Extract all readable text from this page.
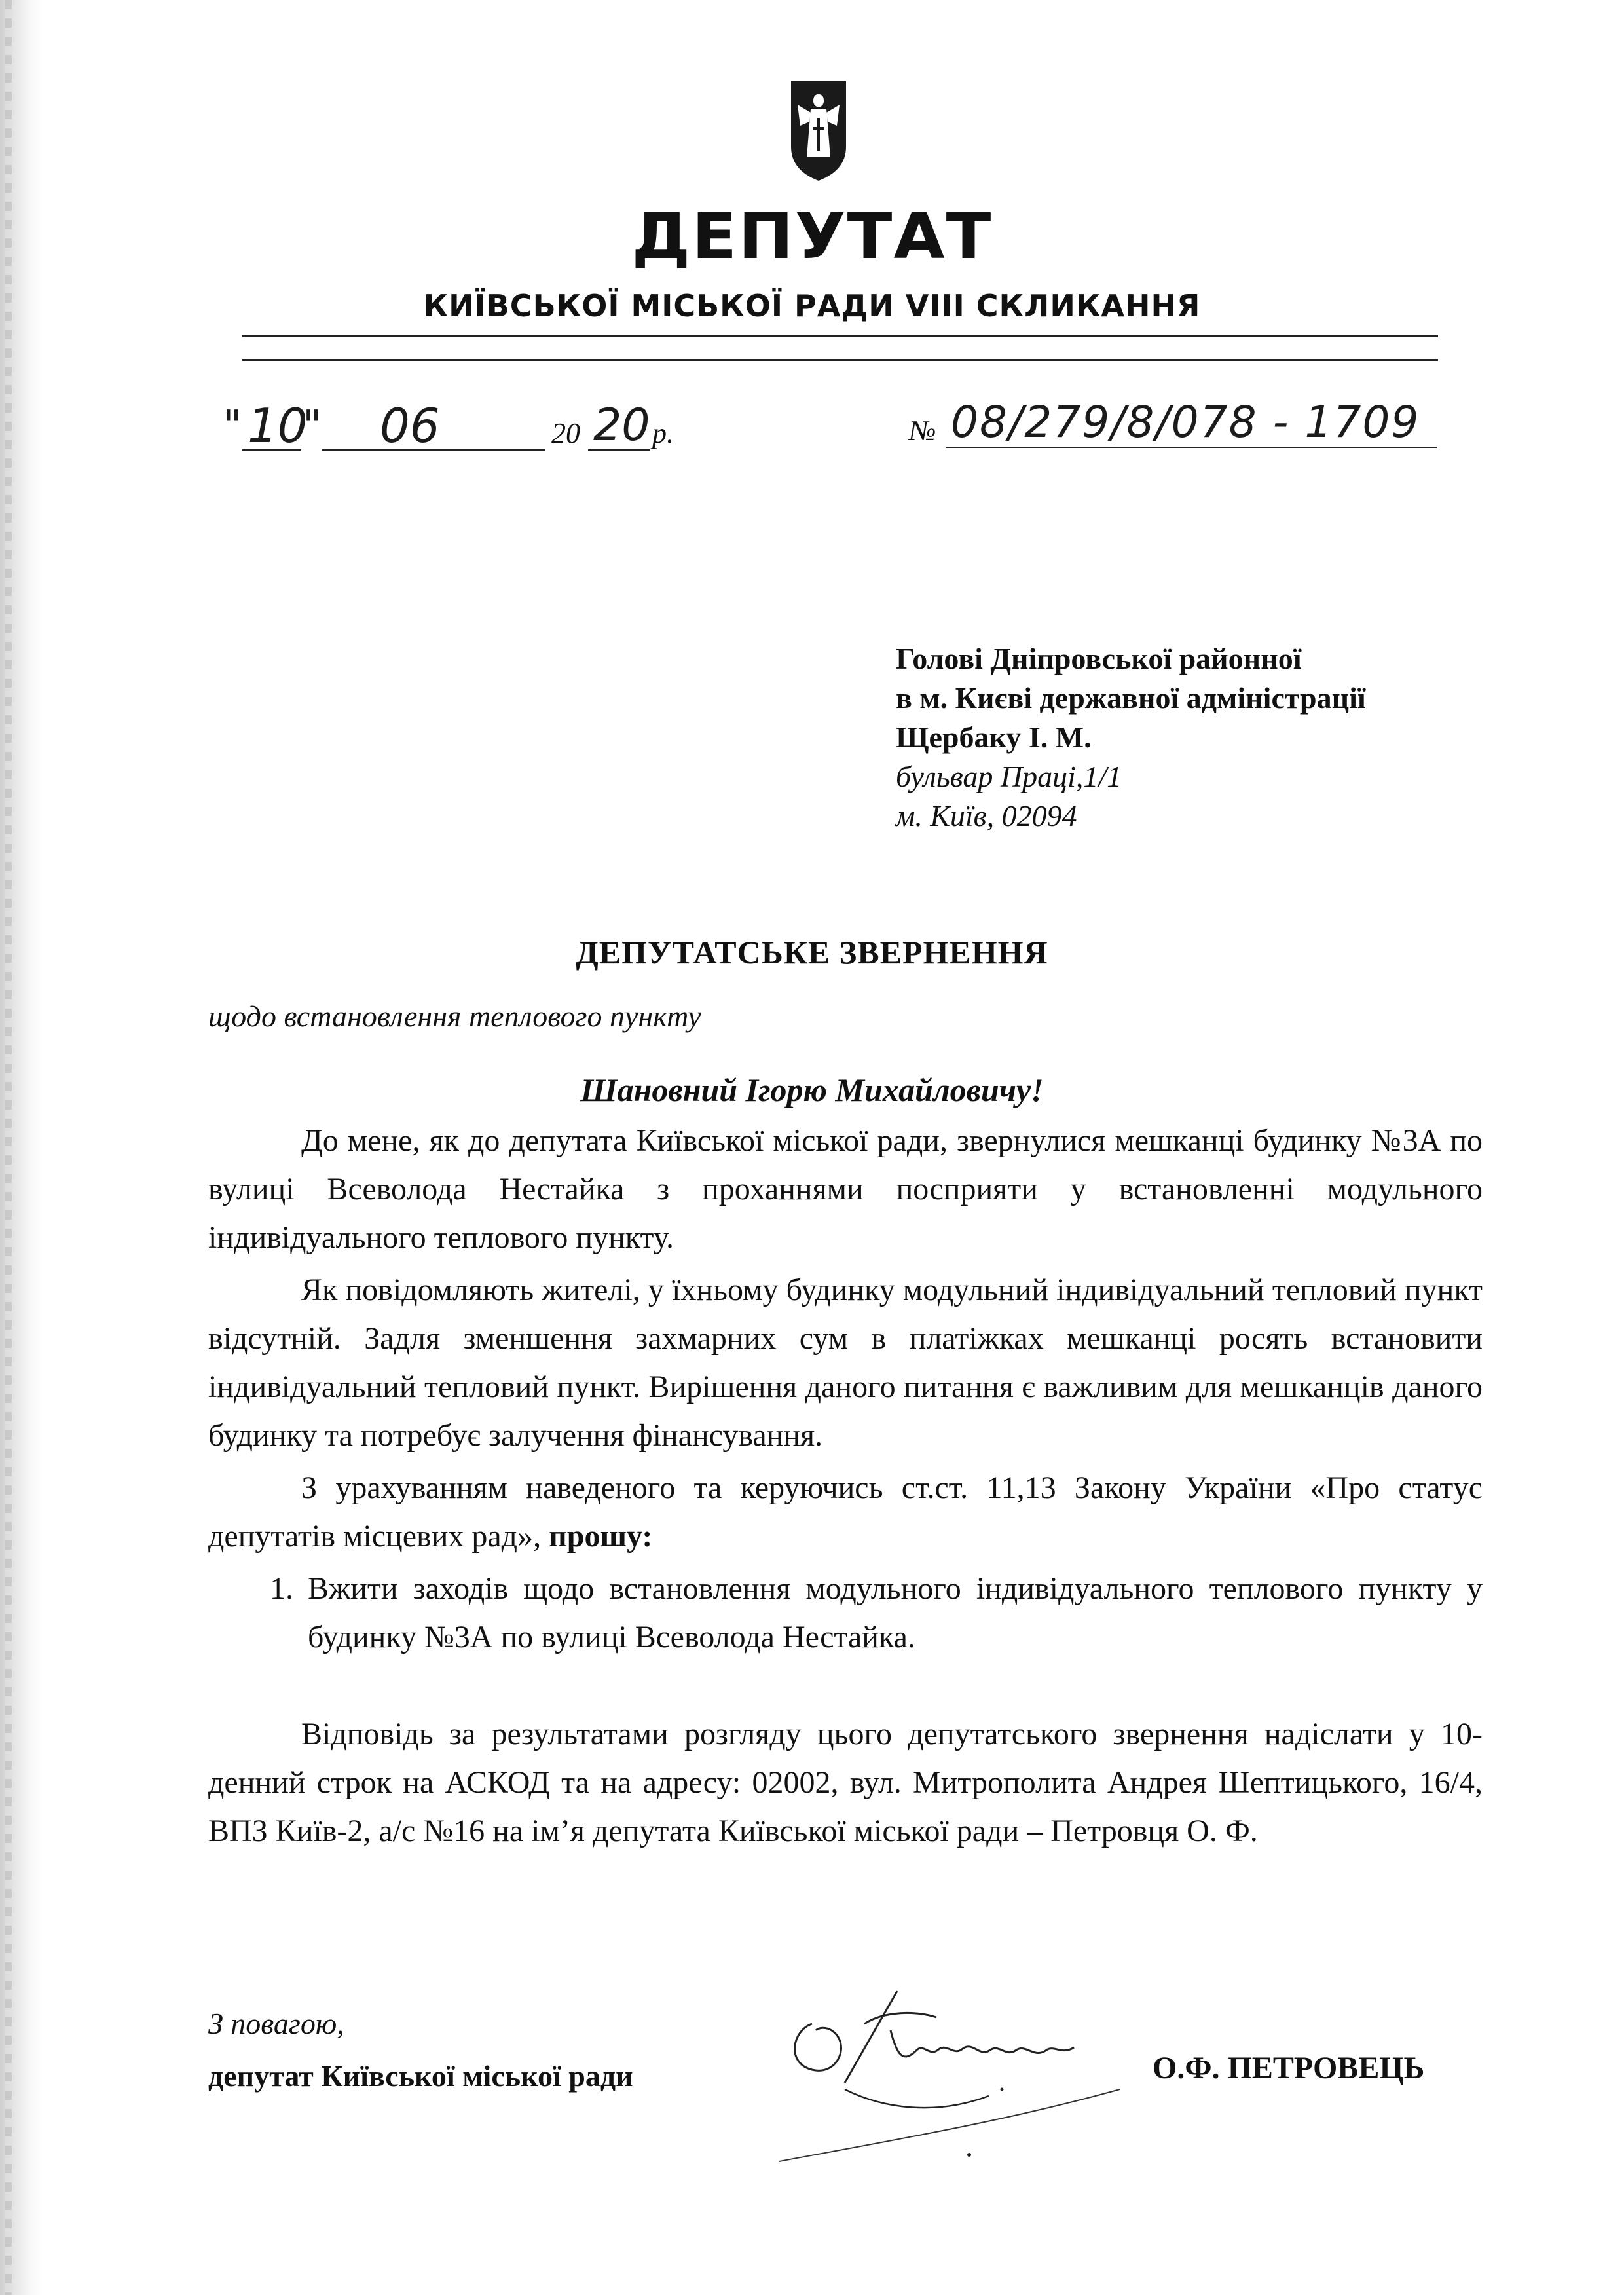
ДЕПУТАТ
КИЇВСЬКОЇ МІСЬКОЇ РАДИ VIII СКЛИКАННЯ
" 10
" 06	20 20 р.	№ 08/279/8/078 - 1709
Голові Дніпровської районної
в м. Києві державної адміністрації
Щербаку І. М.
бульвар Праці,1/1
м. Київ, 02094
ДЕПУТАТСЬКЕ ЗВЕРНЕННЯ
щодо встановлення теплового пункту
Шановний Ігорю Михайловичу!

До мене, як до депутата Київської міської ради, звернулися мешканці будинку №3А по вулиці Всеволода Нестайка з проханнями посприяти у встановленні модульного індивідуального теплового пункту.

Як повідомляють жителі, у їхньому будинку модульний індивідуальний тепловий пункт відсутній. Задля зменшення захмарних сум в платіжках мешканці росять встановити індивідуальний тепловий пункт. Вирішення даного питання є важливим для мешканців даного будинку та потребує залучення фінансування.

З урахуванням наведеного та керуючись ст.ст. 11,13 Закону України «Про статус депутатів місцевих рад», прошу:

1. Вжити заходів щодо встановлення модульного індивідуального теплового пункту у будинку №3А по вулиці Всеволода Нестайка.

Відповідь за результатами розгляду цього депутатського звернення надіслати у 10-денний строк на АСКОД та на адресу: 02002, вул. Митрополита Андрея Шептицького, 16/4, ВПЗ Київ-2, а/с №16 на ім’я депутата Київської міської ради – Петровця О. Ф.

З повагою,
депутат Київської міської ради	О.Ф. ПЕТРОВЕЦЬ
